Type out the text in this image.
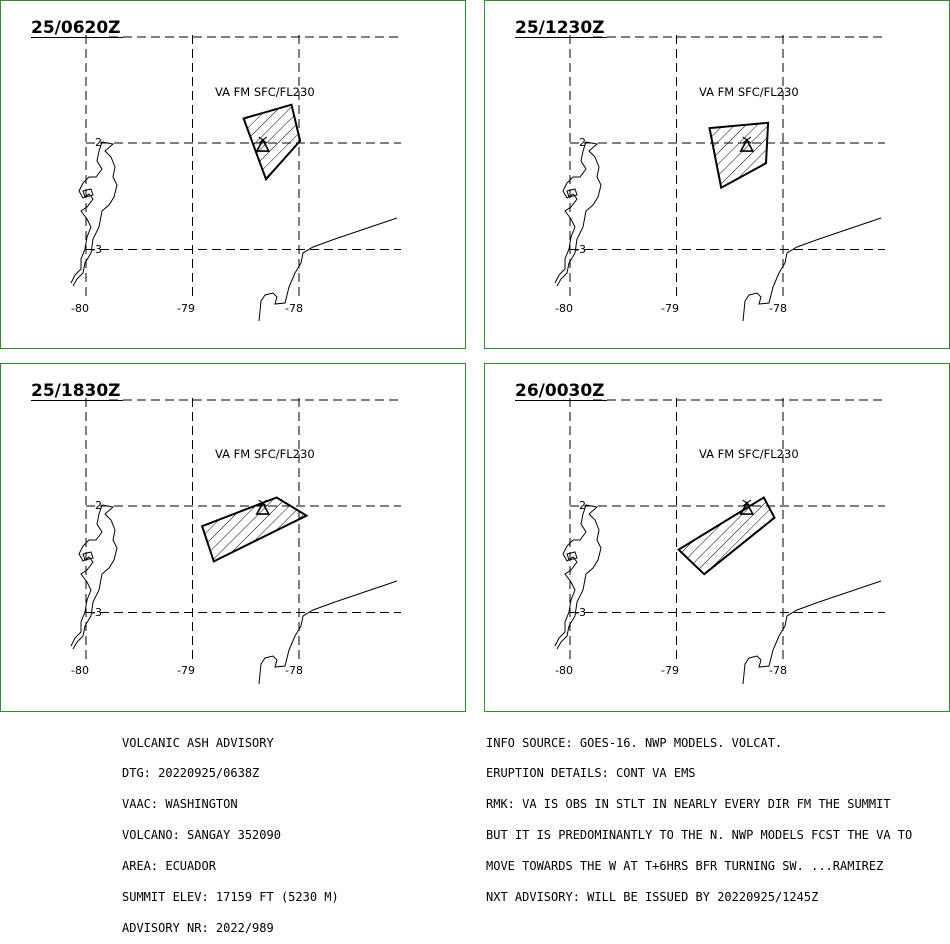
25/0620Z
VA FM SFC/FL230
-2
-3
-80	-79	-78
25/1230Z
VA FM SFC/FL230
-2
-3
-80	-79	-78
25/1830Z
VA FM SFC/FL230
-2
-3
-80	-79	-78
26/0030Z
VA FM SFC/FL230
-2
-3
-80	-79	-78

VOLCANIC ASH ADVISORY

DTG: 20220925/0638Z

VAAC: WASHINGTON

VOLCANO: SANGAY 352090

AREA: ECUADOR

SUMMIT ELEV: 17159 FT (5230 M)

ADVISORY NR: 2022/989

INFO SOURCE: GOES-16. NWP MODELS. VOLCAT.

ERUPTION DETAILS: CONT VA EMS

RMK: VA IS OBS IN STLT IN NEARLY EVERY DIR FM THE SUMMIT

BUT IT IS PREDOMINANTLY TO THE N. NWP MODELS FCST THE VA TO

MOVE TOWARDS THE W AT T+6HRS BFR TURNING SW. ...RAMIREZ

NXT ADVISORY: WILL BE ISSUED BY 20220925/1245Z
